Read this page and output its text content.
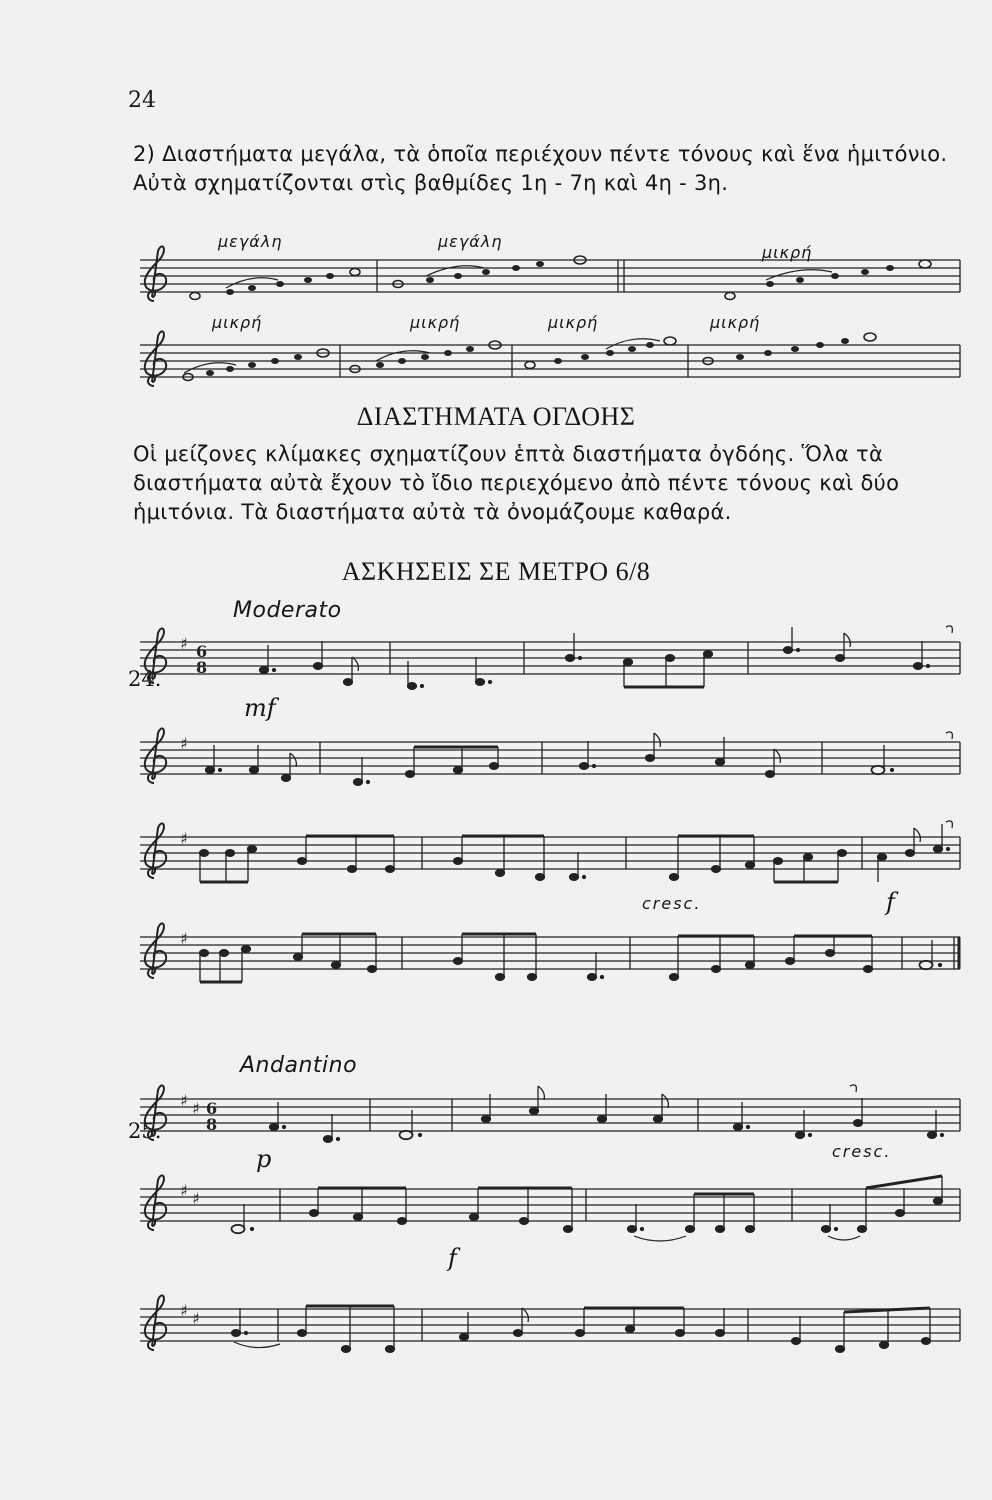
24
2) Διαστήματα μεγάλα, τὰ ὁποῖα περιέχουν πέντε τόνους καὶ ἕνα ἡμιτόνιο. Αὐτὰ σχηματίζονται στὶς βαθμίδες 1η - 7η καὶ 4η - 3η.
μεγάλη	μεγάλη
μικρή
μικρή	μικρή	μικρή	μικρή
ΔΙΑΣΤΗΜΑΤΑ ΟΓΔΟΗΣ
Οἱ μείζονες κλίμακες σχηματίζουν ἑπτὰ διαστήματα ὀγδόης. Ὅλα τὰ διαστήματα αὐτὰ ἔχουν τὸ ἴδιο περιεχόμενο ἀπὸ πέντε τόνους καὶ δύο ἡμιτόνια. Τὰ διαστήματα αὐτὰ τὰ ὀνομάζουμε καθαρά.
ΑΣΚΗΣΕΙΣ ΣΕ ΜΕΤΡΟ 6/8
Moderato
24.
♯ 6
8
mf
♯
♯
cresc.	f
♯
Andantino
25.
♯ ♯ 6
8
p	cresc.
♯ ♯
f
♯ ♯
